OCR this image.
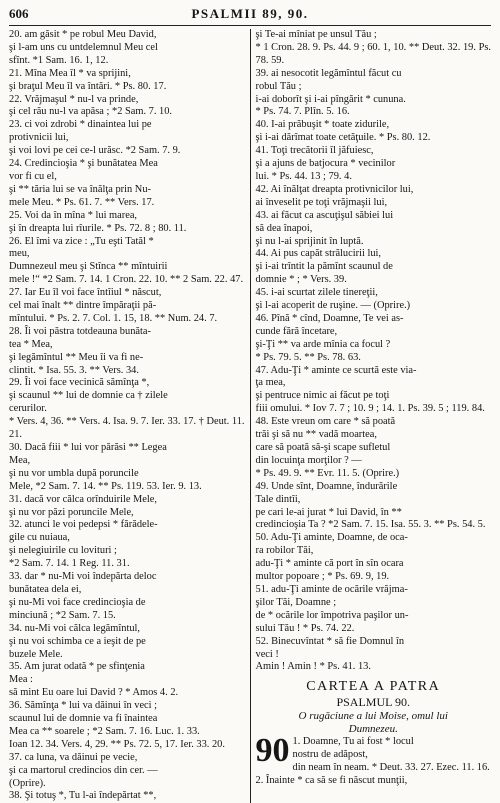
606	PSALMII 89, 90.
20. am găsit * pe robul Meu David,
şi l-am uns cu untdelemnul Meu cel
sfînt. *1 Sam. 16. 1, 12.
21. Mîna Mea îl * va sprijini,
şi braţul Meu îl va întări. * Ps. 80. 17.
22. Vrăjmaşul * nu-l va prinde,
şi cel rău nu-l va apăsa ; *2 Sam. 7. 10.
23. ci voi zdrobi * dinaintea lui pe
protivnicii lui,
şi voi lovi pe cei ce-l urăsc. *2 Sam. 7. 9.
24. Credincioşia * şi bunătatea Mea
vor fi cu el,
şi ** tăria lui se va înălţa prin Nu-
mele Meu. * Ps. 61. 7. ** Vers. 17.
25. Voi da în mîna * lui marea,
şi în dreapta lui rîurile. * Ps. 72. 8 ; 80. 11.
26. El îmi va zice : „Tu eşti Tatăl *
meu,
Dumnezeul meu şi Stînca ** mîntuirii
mele !“ *2 Sam. 7. 14. 1 Cron. 22. 10. ** 2 Sam. 22. 47.
27. Iar Eu îl voi face întîiul * născut,
cel mai înalt ** dintre împăraţii pă-
mîntului. * Ps. 2. 7. Col. 1. 15, 18. ** Num. 24. 7.
28. Îi voi păstra totdeauna bunăta-
tea * Mea,
şi legămîntul ** Meu îi va fi ne-
clintit. * Isa. 55. 3. ** Vers. 34.
29. Îi voi face vecinică sămînţa *,
şi scaunul ** lui de domnie ca † zilele
cerurilor.
* Vers. 4, 36. ** Vers. 4. Isa. 9. 7. Ier. 33. 17. † Deut. 11. 21.
30. Dacă fiii * lui vor părăsi ** Legea
Mea,
şi nu vor umbla după poruncile
Mele, *2 Sam. 7. 14. ** Ps. 119. 53. Ier. 9. 13.
31. dacă vor călca orînduirile Mele,
şi nu vor păzi poruncile Mele,
32. atunci le voi pedepsi * fărădele-
gile cu nuiaua,
şi nelegiuirile cu lovituri ;
*2 Sam. 7. 14. 1 Reg. 11. 31.
33. dar * nu-Mi voi îndepărta deloc
bunătatea dela ei,
şi nu-Mi voi face credincioşia de
minciună ; *2 Sam. 7. 15.
34. nu-Mi voi călca legămîntul,
şi nu voi schimba ce a ieşit de pe
buzele Mele.
35. Am jurat odată * pe sfinţenia
Mea :
să mint Eu oare lui David ? * Amos 4. 2.
36. Sămînţa * lui va dăinui în veci ;
scaunul lui de domnie va fi înaintea
Mea ca ** soarele ; *2 Sam. 7. 16. Luc. 1. 33.
Ioan 12. 34. Vers. 4, 29. ** Ps. 72. 5, 17. Ier. 33. 20.
37. ca luna, va dăinui pe vecie,
şi ca martorul credincios din cer. —
(Oprire).
38. Şi totuş *, Tu l-ai îndepărtat **,
şi Te-ai mîniat pe unsul Tău ;
* 1 Cron. 28. 9. Ps. 44. 9 ; 60. 1, 10. ** Deut. 32. 19. Ps. 78. 59.
39. ai nesocotit legămîntul făcut cu
robul Tău ;
i-ai doborît şi i-ai pîngărit * cununa.
* Ps. 74. 7. Plîn. 5. 16.
40. I-ai prăbuşit * toate zidurile,
şi i-ai dărîmat toate cetăţuile. * Ps. 80. 12.
41. Toţi trecătorii îl jăfuiesc,
şi a ajuns de batjocura * vecinilor
lui. * Ps. 44. 13 ; 79. 4.
42. Ai înălţat dreapta protivnicilor lui,
ai înveselit pe toţi vrăjmaşii lui,
43. ai făcut ca ascuţişul săbiei lui
să dea înapoi,
şi nu l-ai sprijinit în luptă.
44. Ai pus capăt strălucirii lui,
şi i-ai trîntit la pămînt scaunul de
domnie * ; * Vers. 39.
45. i-ai scurtat zilele tinereţii,
şi l-ai acoperit de ruşine. — (Oprire.)
46. Pînă * cînd, Doamne, Te vei as-
cunde fără încetare,
şi-Ţi ** va arde mînia ca focul ?
* Ps. 79. 5. ** Ps. 78. 63.
47. Adu-Ţi * aminte ce scurtă este via-
ţa mea,
şi pentruce nimic ai făcut pe toţi
fiii omului. * Iov 7. 7 ; 10. 9 ; 14. 1. Ps. 39. 5 ; 119. 84.
48. Este vreun om care * să poată
trăi şi să nu ** vadă moartea,
care să poată să-şi scape sufletul
din locuinţa morţilor ? —
* Ps. 49. 9. ** Evr. 11. 5. (Oprire.)
49. Unde sînt, Doamne, îndurările
Tale dintîi,
pe cari le-ai jurat * lui David, în **
credincioşia Ta ? *2 Sam. 7. 15. Isa. 55. 3. ** Ps. 54. 5.
50. Adu-Ţi aminte, Doamne, de oca-
ra robilor Tăi,
adu-Ţi * aminte că port în sîn ocara
multor popoare ; * Ps. 69. 9, 19.
51. adu-Ţi aminte de ocările vrăjma-
şilor Tăi, Doamne ;
de * ocările lor împotriva paşilor un-
sului Tău ! * Ps. 74. 22.
52. Binecuvîntat * să fie Domnul în
veci !
Amin ! Amin ! * Ps. 41. 13.
CARTEA A PATRA
PSALMUL 90.
O rugăciune a lui Moise, omul lui
Dumnezeu.
90 1. Doamne, Tu ai fost * locul
nostru de adăpost,
din neam în neam. * Deut. 33. 27. Ezec. 11. 16.
2. Înainte * ca să se fi născut munţii,
